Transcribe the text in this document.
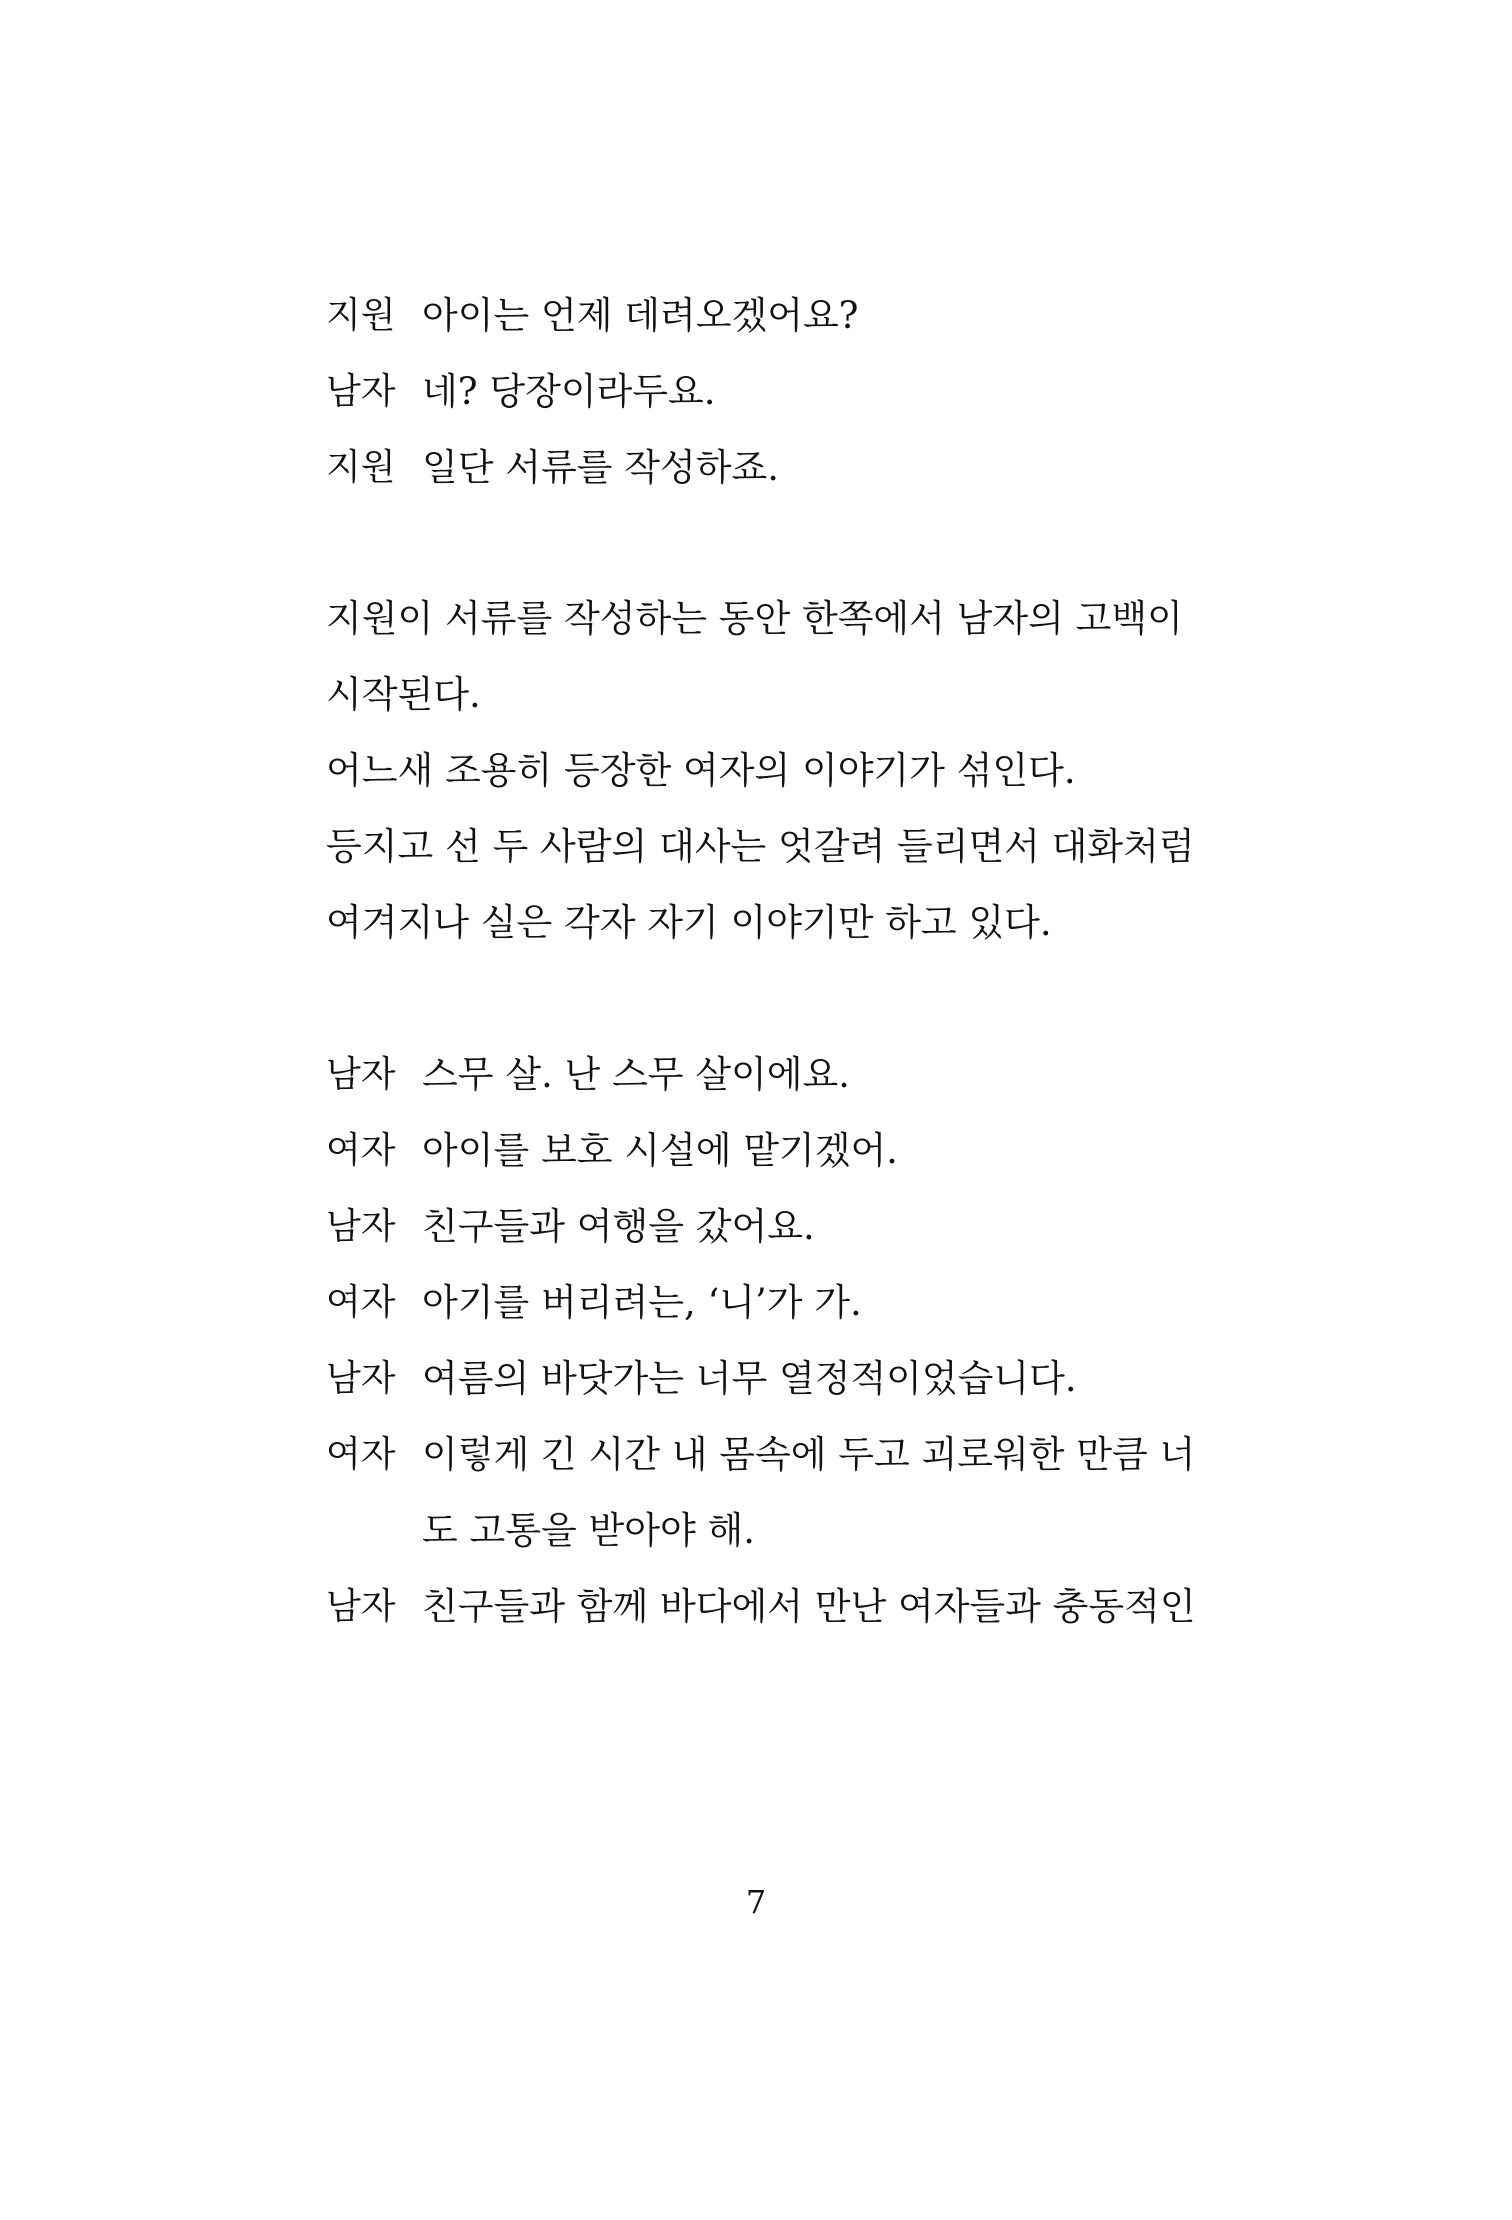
지원 아이는 언제 데려오겠어요?
남자 네? 당장이라두요.
지원 일단 서류를 작성하죠.
지원이 서류를 작성하는 동안 한쪽에서 남자의 고백이
시작된다.
어느새 조용히 등장한 여자의 이야기가 섞인다.
등지고 선 두 사람의 대사는 엇갈려 들리면서 대화처럼
여겨지나 실은 각자 자기 이야기만 하고 있다.
남자 스무 살. 난 스무 살이에요.
여자 아이를 보호 시설에 맡기겠어.
남자 친구들과 여행을 갔어요.
여자 아기를 버리려는, ‘니’가 가.
남자 여름의 바닷가는 너무 열정적이었습니다.
여자 이렇게 긴 시간 내 몸속에 두고 괴로워한 만큼 너
도 고통을 받아야 해.
남자 친구들과 함께 바다에서 만난 여자들과 충동적인
7
